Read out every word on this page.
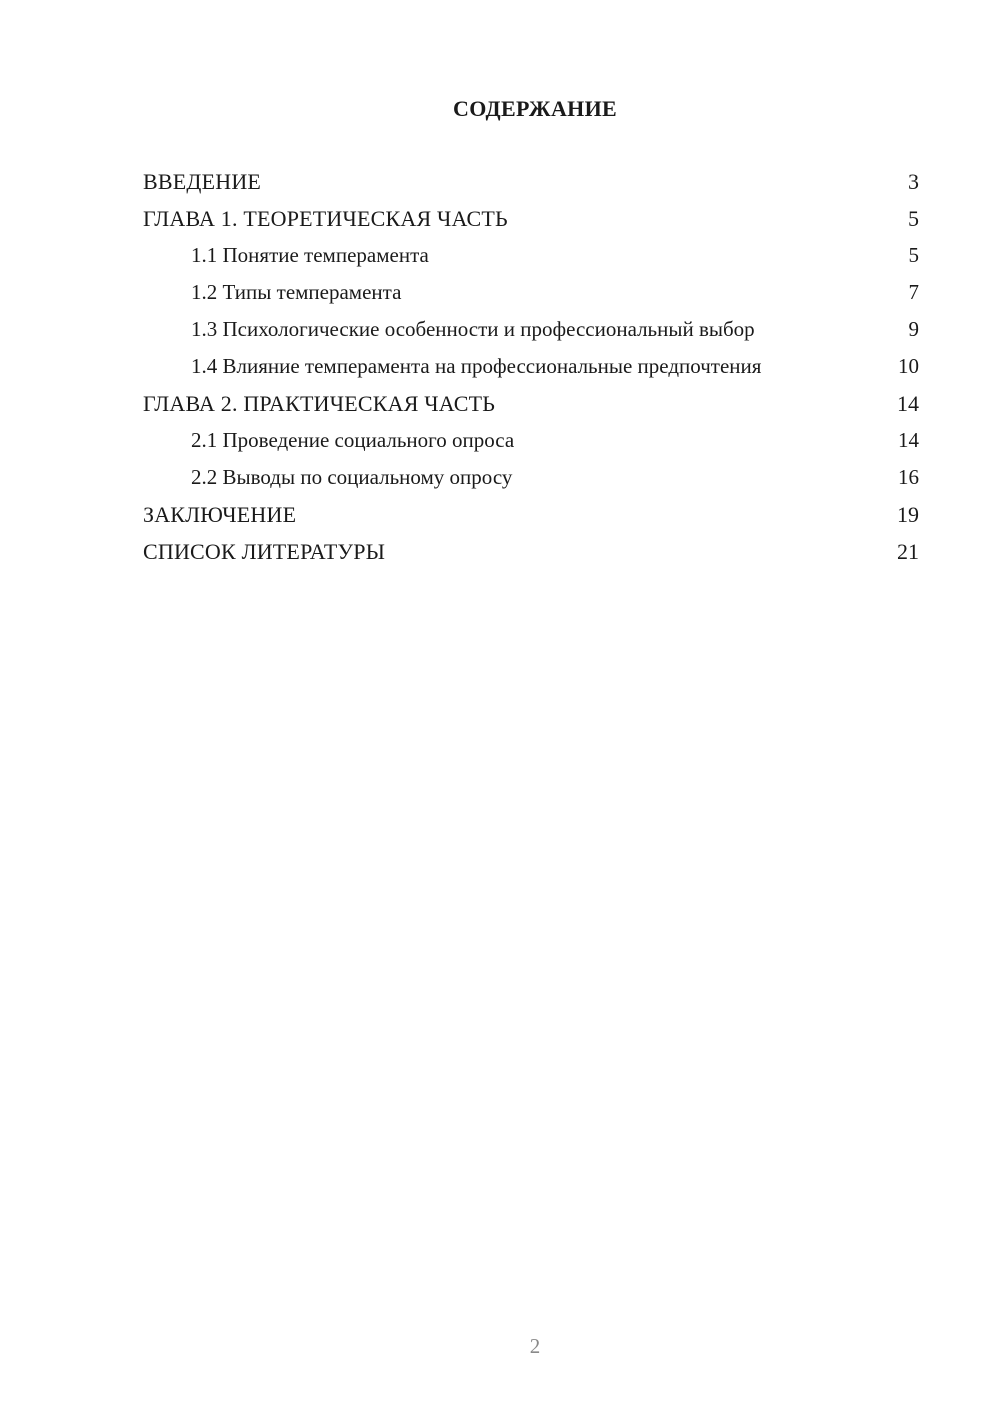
СОДЕРЖАНИЕ
ВВЕДЕНИЕ	3
ГЛАВА 1. ТЕОРЕТИЧЕСКАЯ ЧАСТЬ	5
1.1 Понятие темперамента	5
1.2 Типы темперамента	7
1.3 Психологические особенности и профессиональный выбор	9
1.4 Влияние темперамента на профессиональные предпочтения	10
ГЛАВА 2. ПРАКТИЧЕСКАЯ ЧАСТЬ	14
2.1 Проведение социального опроса	14
2.2 Выводы по социальному опросу	16
ЗАКЛЮЧЕНИЕ	19
СПИСОК ЛИТЕРАТУРЫ	21
2
